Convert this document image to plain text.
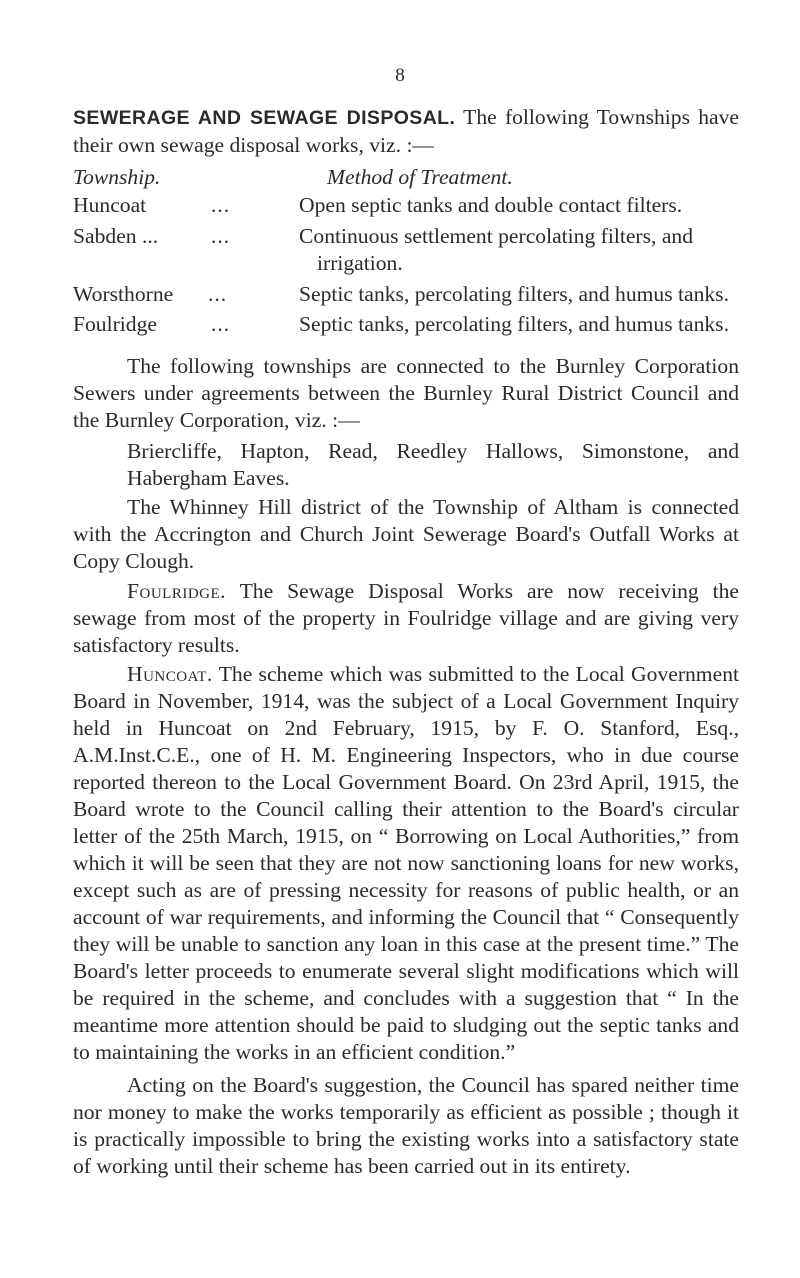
8
SEWERAGE AND SEWAGE DISPOSAL. The following Townships have their own sewage disposal works, viz. :—
Township.	Method of Treatment.
Huncoat	...	Open septic tanks and double contact filters.
Sabden ... ...	Continuous settlement percolating filters, and
irrigation.
Worsthorne ...	Septic tanks, percolating filters, and humus tanks.
Foulridge	...	Septic tanks, percolating filters, and humus tanks.
The following townships are connected to the Burnley Corporation Sewers under agreements between the Burnley Rural District Council and the Burnley Corporation, viz. :—
Briercliffe, Hapton, Read, Reedley Hallows, Simonstone, and Habergham Eaves.
The Whinney Hill district of the Township of Altham is connected with the Accrington and Church Joint Sewerage Board's Outfall Works at Copy Clough.
Foulridge. The Sewage Disposal Works are now receiving the sewage from most of the property in Foulridge village and are giving very satisfactory results.
Huncoat. The scheme which was submitted to the Local Government Board in November, 1914, was the subject of a Local Government Inquiry held in Huncoat on 2nd February, 1915, by F. O. Stanford, Esq., A.M.Inst.C.E., one of H. M. Engineering Inspectors, who in due course reported thereon to the Local Government Board. On 23rd April, 1915, the Board wrote to the Council calling their attention to the Board's circular letter of the 25th March, 1915, on “ Borrowing on Local Authorities,” from which it will be seen that they are not now sanctioning loans for new works, except such as are of pressing necessity for reasons of public health, or an account of war requirements, and informing the Council that “ Consequently they will be unable to sanction any loan in this case at the present time.” The Board's letter proceeds to enumerate several slight modifications which will be required in the scheme, and concludes with a suggestion that “ In the meantime more attention should be paid to sludging out the septic tanks and to maintaining the works in an efficient condition.”
Acting on the Board's suggestion, the Council has spared neither time nor money to make the works temporarily as efficient as possible ; though it is practically impossible to bring the existing works into a satisfactory state of working until their scheme has been carried out in its entirety.
